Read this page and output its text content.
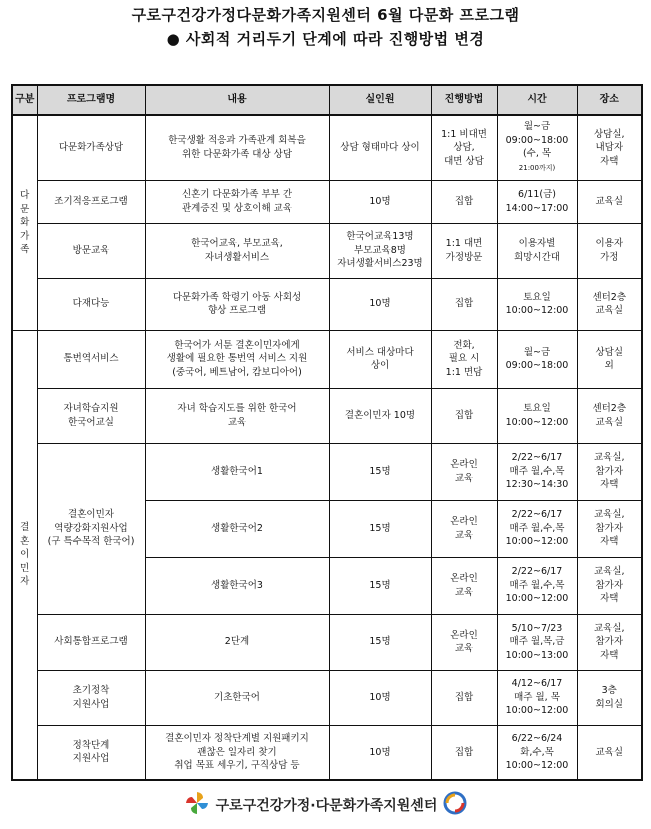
구로구건강가정다문화가족지원센터 6월 다문화 프로그램
● 사회적 거리두기 단계에 따라 진행방법 변경
구분	프로그램명	내용	실인원	진행방법	시간	장소
다
문
화
가
족	다문화가족상담	한국생활 적응과 가족관계 회복을
위한 다문화가족 대상 상담	상담 형태마다 상이	1:1 비대면
상담,
대면 상담	월~금
09:00~18:00
(수, 목
21:00까지)	상담실,
내담자
자택
	조기적응프로그램	신혼기 다문화가족 부부 간
관계증진 및 상호이해 교육	10명	집합	6/11(금)
14:00~17:00	교육실
	방문교육	한국어교육, 부모교육,
자녀생활서비스	한국어교육13명
부모교육8명
자녀생활서비스23명	1:1 대면
가정방문	이용자별
희망시간대	이용자
가정
	다재다능	다문화가족 학령기 아동 사회성
향상 프로그램	10명	집합	토요일
10:00~12:00	센터2층
교육실
결
혼
이
민
자	통번역서비스	한국어가 서툰 결혼이민자에게
생활에 필요한 통번역 서비스 지원
(중국어, 베트남어, 캄보디아어)	서비스 대상마다
상이	전화,
필요 시
1:1 면담	월~금
09:00~18:00	상담실
외
	자녀학습지원
한국어교실	자녀 학습지도를 위한 한국어
교육	결혼이민자 10명	집합	토요일
10:00~12:00	센터2층
교육실
	결혼이민자
역량강화지원사업
(구 특수목적 한국어)	생활한국어1	15명	온라인
교육	2/22~6/17
매주 월,수,목
12:30~14:30	교육실,
참가자
자택
		생활한국어2	15명	온라인
교육	2/22~6/17
매주 월,수,목
10:00~12:00	교육실,
참가자
자택
		생활한국어3	15명	온라인
교육	2/22~6/17
매주 월,수,목
10:00~12:00	교육실,
참가자
자택
	사회통합프로그램	2단계	15명	온라인
교육	5/10~7/23
매주 월,목,금
10:00~13:00	교육실,
참가자
자택
	초기정착
지원사업	기초한국어	10명	집합	4/12~6/17
매주 월, 목
10:00~12:00	3층
회의실
	정착단계
지원사업	결혼이민자 정착단계별 지원패키지
괜찮은 일자리 찾기
취업 목표 세우기, 구직상담 등	10명	집합	6/22~6/24
화,수,목
10:00~12:00	교육실
구로구건강가정·다문화가족지원센터
